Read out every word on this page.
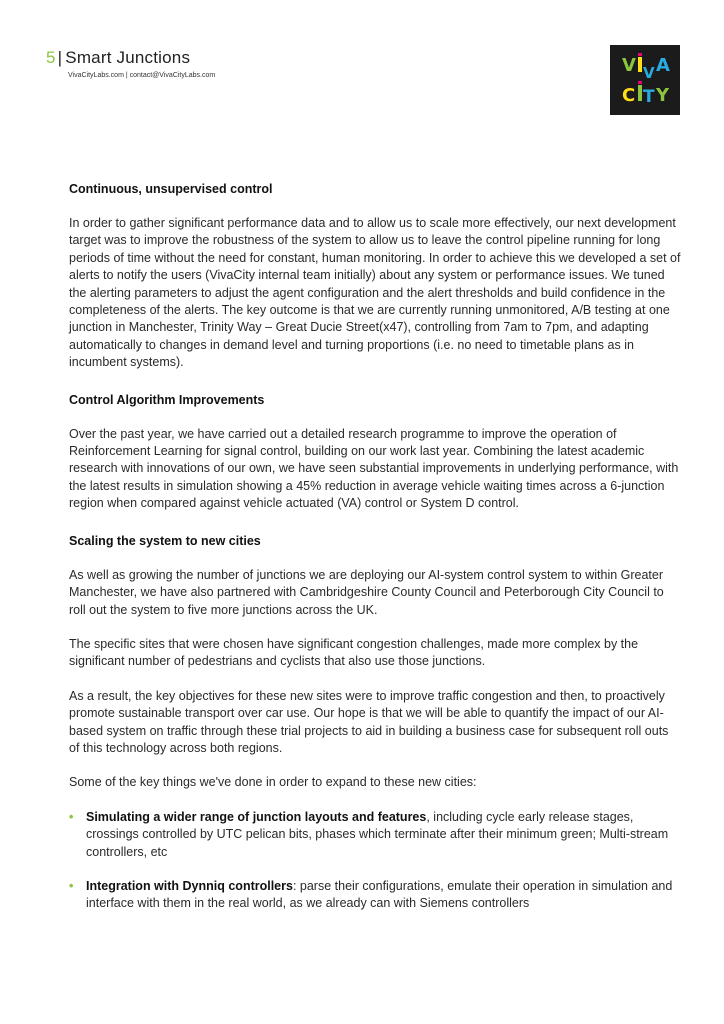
5 | Smart Junctions
VivaCityLabs.com | contact@VivaCityLabs.com	V V A
C T Y
Continuous, unsupervised control

In order to gather significant performance data and to allow us to scale more effectively, our next development target was to improve the robustness of the system to allow us to leave the control pipeline running for long periods of time without the need for constant, human monitoring. In order to achieve this we developed a set of alerts to notify the users (VivaCity internal team initially) about any system or performance issues. We tuned the alerting parameters to adjust the agent configuration and the alert thresholds and build confidence in the completeness of the alerts. The key outcome is that we are currently running unmonitored, A/B testing at one junction in Manchester, Trinity Way – Great Ducie Street(x47), controlling from 7am to 7pm, and adapting automatically to changes in demand level and turning proportions (i.e. no need to timetable plans as in incumbent systems).

Control Algorithm Improvements

Over the past year, we have carried out a detailed research programme to improve the operation of Reinforcement Learning for signal control, building on our work last year. Combining the latest academic research with innovations of our own, we have seen substantial improvements in underlying performance, with the latest results in simulation showing a 45% reduction in average vehicle waiting times across a 6-junction region when compared against vehicle actuated (VA) control or System D control.

Scaling the system to new cities

As well as growing the number of junctions we are deploying our AI-system control system to within Greater Manchester, we have also partnered with Cambridgeshire County Council and Peterborough City Council to roll out the system to five more junctions across the UK.

The specific sites that were chosen have significant congestion challenges, made more complex by the significant number of pedestrians and cyclists that also use those junctions.

As a result, the key objectives for these new sites were to improve traffic congestion and then, to proactively promote sustainable transport over car use. Our hope is that we will be able to quantify the impact of our AI-based system on traffic through these trial projects to aid in building a business case for subsequent roll outs of this technology across both regions.

Some of the key things we've done in order to expand to these new cities:

• Simulating a wider range of junction layouts and features, including cycle early release stages, crossings controlled by UTC pelican bits, phases which terminate after their minimum green; Multi-stream controllers, etc
• Integration with Dynniq controllers: parse their configurations, emulate their operation in simulation and interface with them in the real world, as we already can with Siemens controllers
